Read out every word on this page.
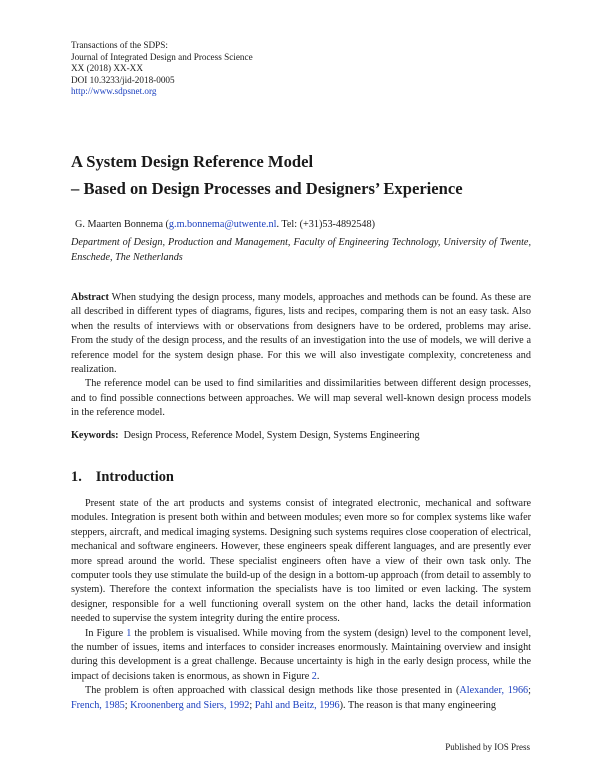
Transactions of the SDPS:
Journal of Integrated Design and Process Science
XX (2018) XX-XX
DOI 10.3233/jid-2018-0005
http://www.sdpsnet.org
A System Design Reference Model
– Based on Design Processes and Designers’ Experience
G. Maarten Bonnema (g.m.bonnema@utwente.nl. Tel: (+31)53-4892548)
Department of Design, Production and Management, Faculty of Engineering Technology, University of Twente, Enschede, The Netherlands

Abstract When studying the design process, many models, approaches and methods can be found. As these are all described in different types of diagrams, figures, lists and recipes, comparing them is not an easy task. Also when the results of interviews with or observations from designers have to be ordered, problems may arise. From the study of the design process, and the results of an investigation into the use of models, we will derive a reference model for the system design phase. For this we will also investigate complexity, concreteness and realization.

The reference model can be used to find similarities and dissimilarities between different design processes, and to find possible connections between approaches. We will map several well-known design process models in the reference model.

Keywords: Design Process, Reference Model, System Design, Systems Engineering
1. Introduction

Present state of the art products and systems consist of integrated electronic, mechanical and software modules. Integration is present both within and between modules; even more so for complex systems like wafer steppers, aircraft, and medical imaging systems. Designing such systems requires close cooperation of electrical, mechanical and software engineers. However, these engineers speak different languages, and are presently ever more spread around the world. These specialist engineers often have a view of their own task only. The computer tools they use stimulate the build-up of the design in a bottom-up approach (from detail to assembly to system). Therefore the context information the specialists have is too limited or even lacking. The system designer, responsible for a well functioning overall system on the other hand, lacks the detail information needed to supervise the system integrity during the entire process.

In Figure 1 the problem is visualised. While moving from the system (design) level to the component level, the number of issues, items and interfaces to consider increases enormously. Maintaining overview and insight during this development is a great challenge. Because uncertainty is high in the early design process, while the impact of decisions taken is enormous, as shown in Figure 2.

The problem is often approached with classical design methods like those presented in (Alexander, 1966; French, 1985; Kroonenberg and Siers, 1992; Pahl and Beitz, 1996). The reason is that many engineering

Published by IOS Press
